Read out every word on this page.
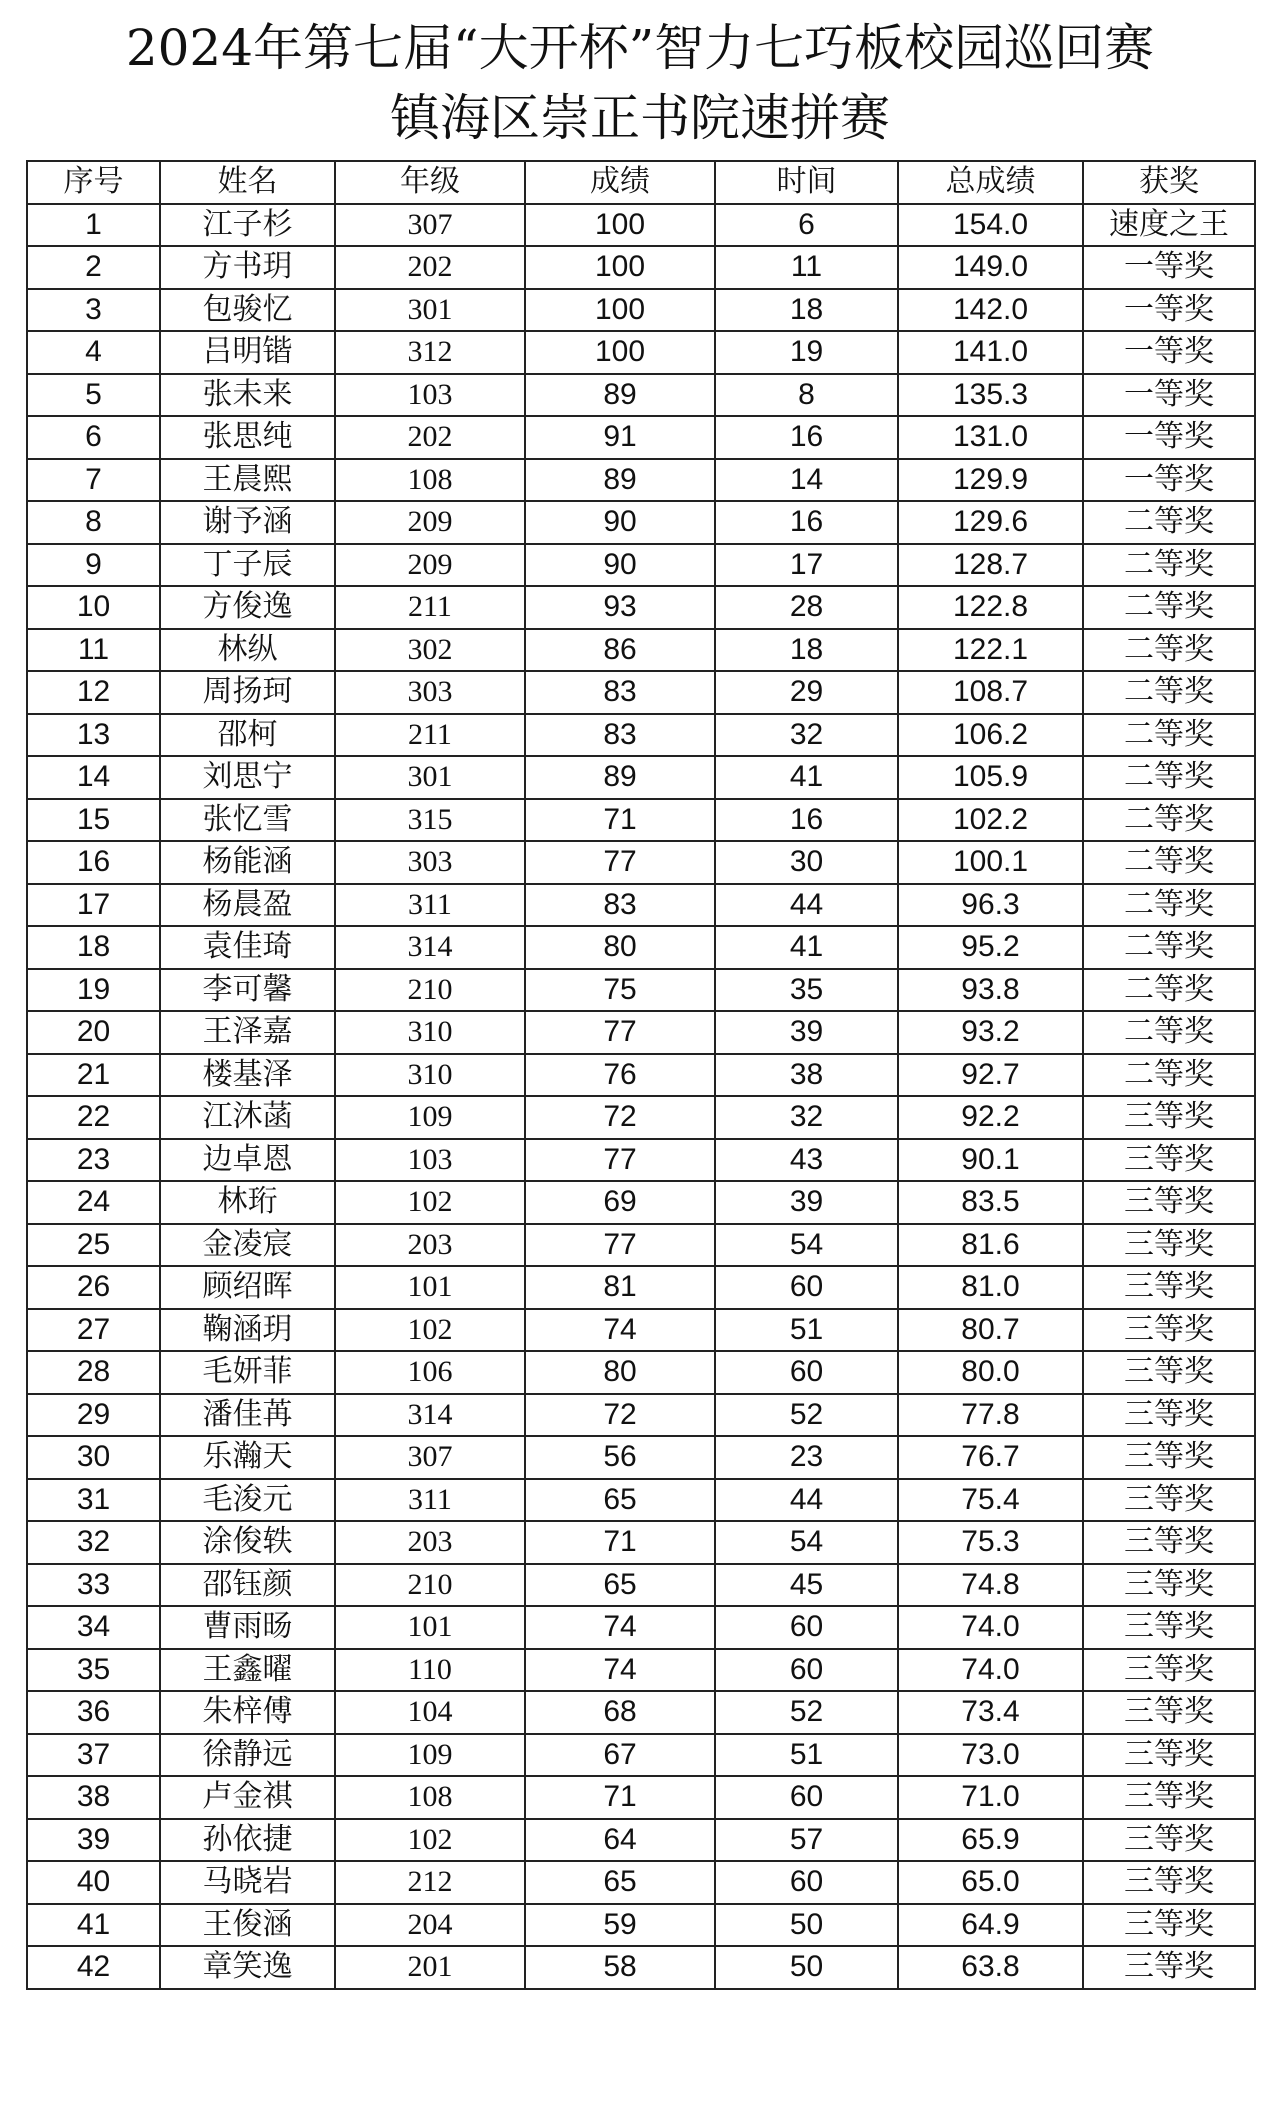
2024年第七届“大开杯”智力七巧板校园巡回赛
镇海区崇正书院速拼赛
序号	姓名	年级	成绩	时间	总成绩	获奖
1	江子杉	307	100	6	154.0	速度之王
2	方书玥	202	100	11	149.0	一等奖
3	包骏忆	301	100	18	142.0	一等奖
4	吕明锴	312	100	19	141.0	一等奖
5	张未来	103	89	8	135.3	一等奖
6	张思纯	202	91	16	131.0	一等奖
7	王晨熙	108	89	14	129.9	一等奖
8	谢予涵	209	90	16	129.6	二等奖
9	丁子辰	209	90	17	128.7	二等奖
10	方俊逸	211	93	28	122.8	二等奖
11	林纵	302	86	18	122.1	二等奖
12	周扬珂	303	83	29	108.7	二等奖
13	邵柯	211	83	32	106.2	二等奖
14	刘思宁	301	89	41	105.9	二等奖
15	张忆雪	315	71	16	102.2	二等奖
16	杨能涵	303	77	30	100.1	二等奖
17	杨晨盈	311	83	44	96.3	二等奖
18	袁佳琦	314	80	41	95.2	二等奖
19	李可馨	210	75	35	93.8	二等奖
20	王泽嘉	310	77	39	93.2	二等奖
21	楼基泽	310	76	38	92.7	二等奖
22	江沐菡	109	72	32	92.2	三等奖
23	边卓恩	103	77	43	90.1	三等奖
24	林珩	102	69	39	83.5	三等奖
25	金凌宸	203	77	54	81.6	三等奖
26	顾绍晖	101	81	60	81.0	三等奖
27	鞠涵玥	102	74	51	80.7	三等奖
28	毛妍菲	106	80	60	80.0	三等奖
29	潘佳苒	314	72	52	77.8	三等奖
30	乐瀚天	307	56	23	76.7	三等奖
31	毛浚元	311	65	44	75.4	三等奖
32	涂俊轶	203	71	54	75.3	三等奖
33	邵钰颜	210	65	45	74.8	三等奖
34	曹雨旸	101	74	60	74.0	三等奖
35	王鑫曜	110	74	60	74.0	三等奖
36	朱梓傅	104	68	52	73.4	三等奖
37	徐静远	109	67	51	73.0	三等奖
38	卢金祺	108	71	60	71.0	三等奖
39	孙依捷	102	64	57	65.9	三等奖
40	马晓岩	212	65	60	65.0	三等奖
41	王俊涵	204	59	50	64.9	三等奖
42	章笑逸	201	58	50	63.8	三等奖
